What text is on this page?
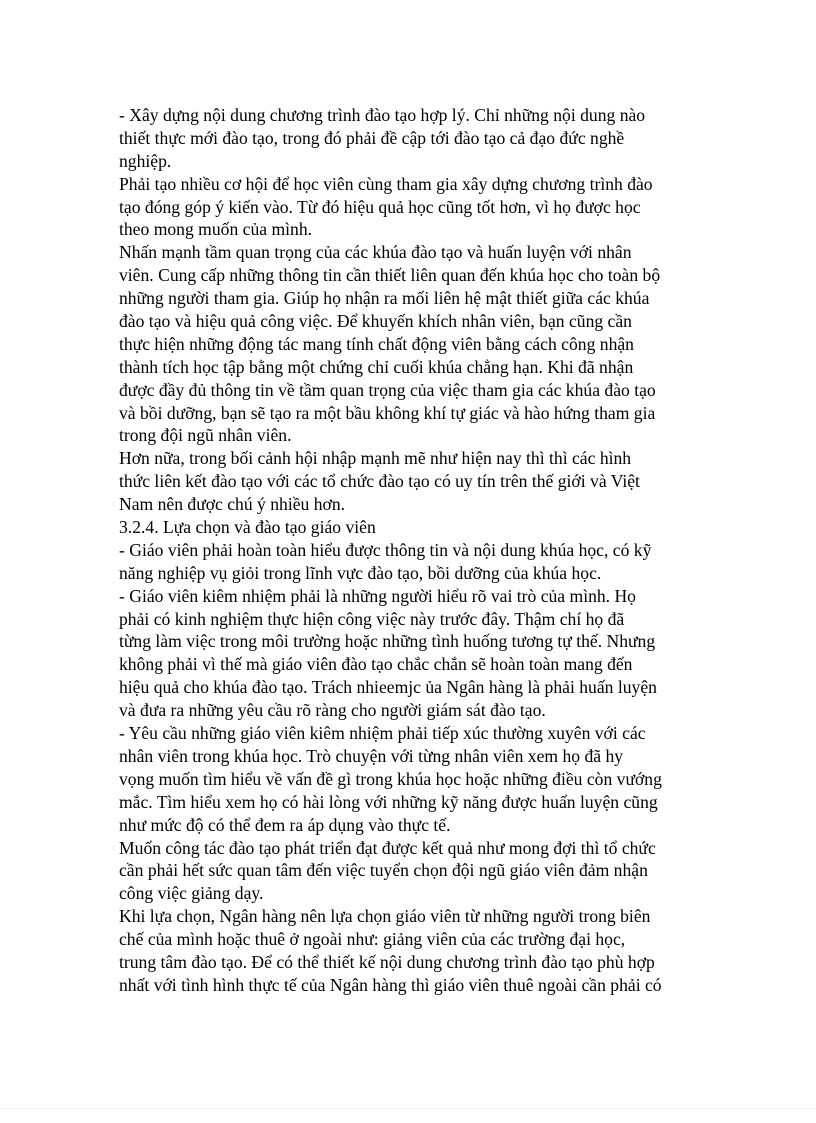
- Xây dựng nội dung chương trình đào tạo hợp lý. Chỉ những nội dung nào
thiết thực mới đào tạo, trong đó phải đề cập tới đào tạo cả đạo đức nghề
nghiệp.
Phải tạo nhiều cơ hội để học viên cùng tham gia xây dựng chương trình đào
tạo đóng góp ý kiến vào. Từ đó hiệu quả học cũng tốt hơn, vì họ được học
theo mong muốn của mình.
Nhấn mạnh tầm quan trọng của các khúa đào tạo và huấn luyện với nhân
viên. Cung cấp những thông tin cần thiết liên quan đến khúa học cho toàn bộ
những người tham gia. Giúp họ nhận ra mối liên hệ mật thiết giữa các khúa
đào tạo và hiệu quả công việc. Để khuyến khích nhân viên, bạn cũng cần
thực hiện những động tác mang tính chất động viên bằng cách công nhận
thành tích học tập bằng một chứng chỉ cuối khúa chẳng hạn. Khi đã nhận
được đầy đủ thông tin về tầm quan trọng của việc tham gia các khúa đào tạo
và bồi dưỡng, bạn sẽ tạo ra một bầu không khí tự giác và hào hứng tham gia
trong đội ngũ nhân viên.
Hơn nữa, trong bối cảnh hội nhập mạnh mẽ như hiện nay thì thì các hình
thức liên kết đào tạo với các tổ chức đào tạo có uy tín trên thế giới và Việt
Nam nên được chú ý nhiều hơn.
3.2.4. Lựa chọn và đào tạo giáo viên
- Giáo viên phải hoàn toàn hiểu được thông tin và nội dung khúa học, có kỹ
năng nghiệp vụ giỏi trong lĩnh vực đào tạo, bồi dưỡng của khúa học.
- Giáo viên kiêm nhiệm phải là những người hiểu rõ vai trò của mình. Họ
phải có kinh nghiệm thực hiện công việc này trước đây. Thậm chí họ đã
từng làm việc trong môi trường hoặc những tình huống tương tự thế. Nhưng
không phải vì thế mà giáo viên đào tạo chắc chắn sẽ hoàn toàn mang đến
hiệu quả cho khúa đào tạo. Trách nhieemjc ủa Ngân hàng là phải huấn luyện
và đưa ra những yêu cầu rõ ràng cho người giám sát đào tạo.
- Yêu cầu những giáo viên kiêm nhiệm phải tiếp xúc thường xuyên với các
nhân viên trong khúa học. Trò chuyện với từng nhân viên xem họ đã hy
vọng muốn tìm hiểu về vấn đề gì trong khúa học hoặc những điều còn vướng
mắc. Tìm hiểu xem họ có hài lòng với những kỹ năng được huấn luyện cũng
như mức độ có thể đem ra áp dụng vào thực tế.
Muốn công tác đào tạo phát triển đạt được kết quả như mong đợi thì tổ chức
cần phải hết sức quan tâm đến việc tuyển chọn đội ngũ giáo viên đảm nhận
công việc giảng dạy.
Khi lựa chọn, Ngân hàng nên lựa chọn giáo viên từ những người trong biên
chế của mình hoặc thuê ở ngoài như: giảng viên của các trường đại học,
trung tâm đào tạo. Để có thể thiết kế nội dung chương trình đào tạo phù hợp
nhất với tình hình thực tế của Ngân hàng thì giáo viên thuê ngoài cần phải có
